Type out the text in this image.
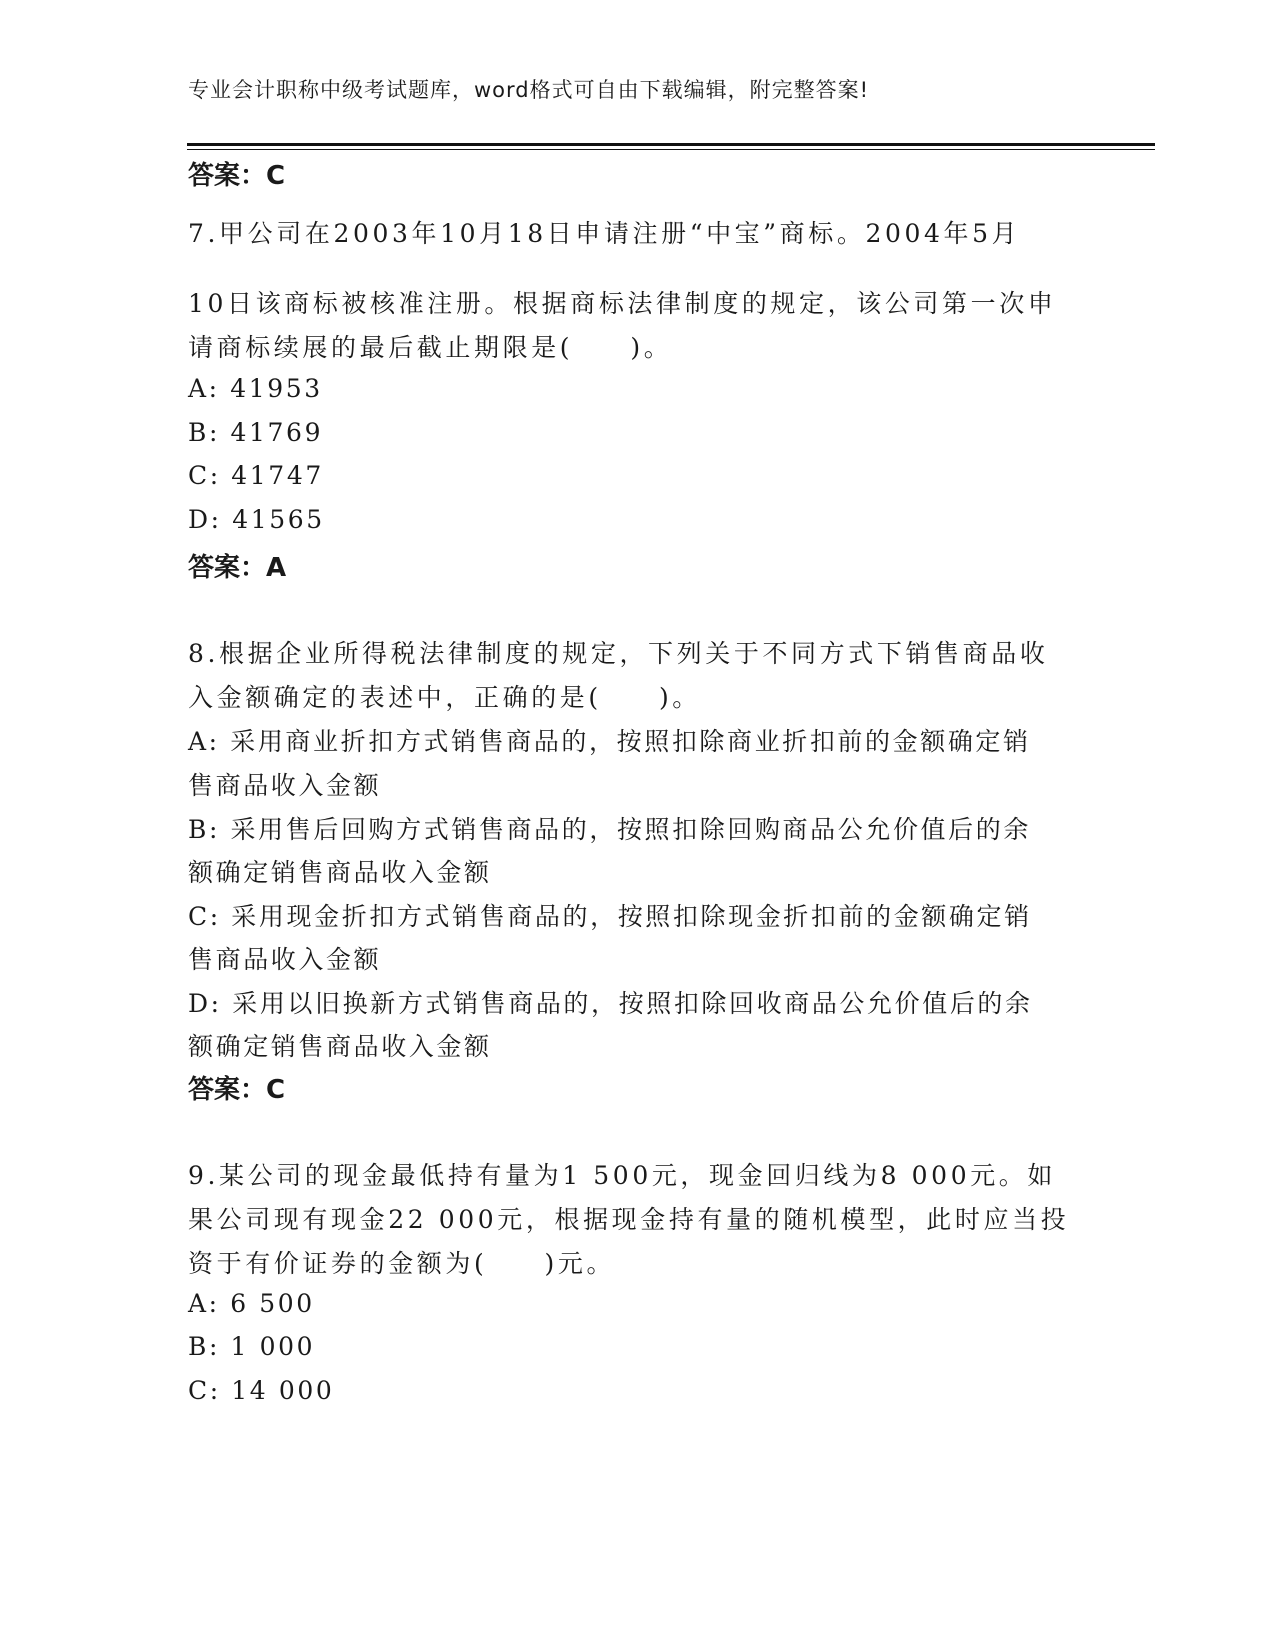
专业会计职称中级考试题库，word格式可自由下载编辑，附完整答案!
答案：C
7.甲公司在2003年10月18日申请注册“中宝”商标。2004年5月
10日该商标被核准注册。根据商标法律制度的规定，该公司第一次申
请商标续展的最后截止期限是(　　)。
A: 41953
B: 41769
C: 41747
D: 41565
答案：A
8.根据企业所得税法律制度的规定，下列关于不同方式下销售商品收
入金额确定的表述中，正确的是(　　)。
A: 采用商业折扣方式销售商品的，按照扣除商业折扣前的金额确定销
售商品收入金额
B: 采用售后回购方式销售商品的，按照扣除回购商品公允价值后的余
额确定销售商品收入金额
C: 采用现金折扣方式销售商品的，按照扣除现金折扣前的金额确定销
售商品收入金额
D: 采用以旧换新方式销售商品的，按照扣除回收商品公允价值后的余
额确定销售商品收入金额
答案：C
9.某公司的现金最低持有量为1 500元，现金回归线为8 000元。如
果公司现有现金22 000元，根据现金持有量的随机模型，此时应当投
资于有价证券的金额为(　　)元。
A: 6 500
B: 1 000
C: 14 000
